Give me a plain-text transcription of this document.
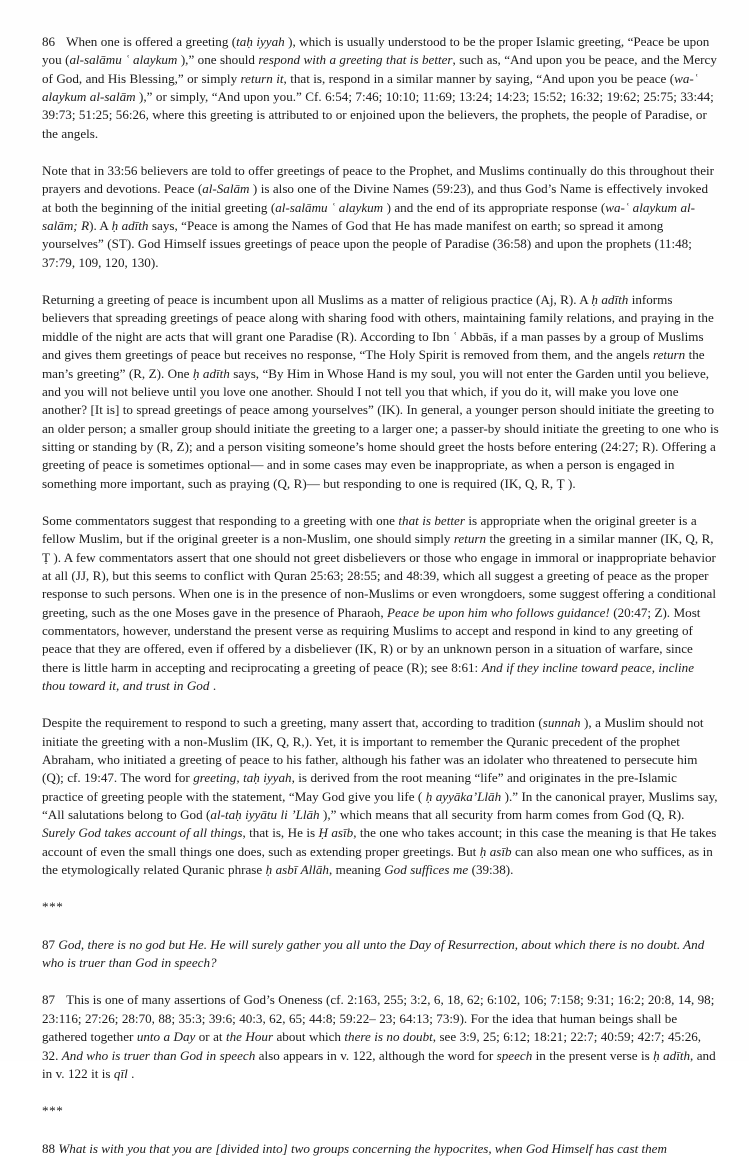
86 When one is offered a greeting (taḥ iyyah ), which is usually understood to be the proper Islamic greeting, “Peace be upon you (al-salāmu ʿ alaykum ),” one should respond with a greeting that is better, such as, “And upon you be peace, and the Mercy of God, and His Blessing,” or simply return it, that is, respond in a similar manner by saying, “And upon you be peace (wa-ʿ alaykum al-salām ),” or simply, “And upon you.” Cf. 6:54; 7:46; 10:10; 11:69; 13:24; 14:23; 15:52; 16:32; 19:62; 25:75; 33:44; 39:73; 51:25; 56:26, where this greeting is attributed to or enjoined upon the believers, the prophets, the people of Paradise, or the angels.

Note that in 33:56 believers are told to offer greetings of peace to the Prophet, and Muslims continually do this throughout their prayers and devotions. Peace (al-Salām ) is also one of the Divine Names (59:23), and thus God’s Name is effectively invoked at both the beginning of the initial greeting (al-salāmu ʿ alaykum ) and the end of its appropriate response (wa-ʿ alaykum al-salām; R). A ḥ adīth says, “Peace is among the Names of God that He has made manifest on earth; so spread it among yourselves” (ST). God Himself issues greetings of peace upon the people of Paradise (36:58) and upon the prophets (11:48; 37:79, 109, 120, 130).

Returning a greeting of peace is incumbent upon all Muslims as a matter of religious practice (Aj, R). A ḥ adīth informs believers that spreading greetings of peace along with sharing food with others, maintaining family relations, and praying in the middle of the night are acts that will grant one Paradise (R). According to Ibn ʿ Abbās, if a man passes by a group of Muslims and gives them greetings of peace but receives no response, “The Holy Spirit is removed from them, and the angels return the man’s greeting” (R, Z). One ḥ adīth says, “By Him in Whose Hand is my soul, you will not enter the Garden until you believe, and you will not believe until you love one another. Should I not tell you that which, if you do it, will make you love one another? [It is] to spread greetings of peace among yourselves” (IK). In general, a younger person should initiate the greeting to an older person; a smaller group should initiate the greeting to a larger one; a passer-by should initiate the greeting to one who is sitting or standing by (R, Z); and a person visiting someone’s home should greet the hosts before entering (24:27; R). Offering a greeting of peace is sometimes optional— and in some cases may even be inappropriate, as when a person is engaged in something more important, such as praying (Q, R)— but responding to one is required (IK, Q, R, Ṭ ).

Some commentators suggest that responding to a greeting with one that is better is appropriate when the original greeter is a fellow Muslim, but if the original greeter is a non-Muslim, one should simply return the greeting in a similar manner (IK, Q, R, Ṭ ). A few commentators assert that one should not greet disbelievers or those who engage in immoral or inappropriate behavior at all (JJ, R), but this seems to conflict with Quran 25:63; 28:55; and 48:39, which all suggest a greeting of peace as the proper response to such persons. When one is in the presence of non-Muslims or even wrongdoers, some suggest offering a conditional greeting, such as the one Moses gave in the presence of Pharaoh, Peace be upon him who follows guidance! (20:47; Z). Most commentators, however, understand the present verse as requiring Muslims to accept and respond in kind to any greeting of peace that they are offered, even if offered by a disbeliever (IK, R) or by an unknown person in a situation of warfare, since there is little harm in accepting and reciprocating a greeting of peace (R); see 8:61: And if they incline toward peace, incline thou toward it, and trust in God .

Despite the requirement to respond to such a greeting, many assert that, according to tradition (sunnah ), a Muslim should not initiate the greeting with a non-Muslim (IK, Q, R,). Yet, it is important to remember the Quranic precedent of the prophet Abraham, who initiated a greeting of peace to his father, although his father was an idolater who threatened to persecute him (Q); cf. 19:47. The word for greeting, taḥ iyyah, is derived from the root meaning “life” and originates in the pre-Islamic practice of greeting people with the statement, “May God give you life ( ḥ ayyāka’Llāh ).” In the canonical prayer, Muslims say, “All salutations belong to God (al-taḥ iyyātu li ’Llāh ),” which means that all security from harm comes from God (Q, R). Surely God takes account of all things, that is, He is Ḥ asīb, the one who takes account; in this case the meaning is that He takes account of even the small things one does, such as extending proper greetings. But ḥ asīb can also mean one who suffices, as in the etymologically related Quranic phrase ḥ asbī Allāh, meaning God suffices me (39:38).

***

87 God, there is no god but He. He will surely gather you all unto the Day of Resurrection, about which there is no doubt. And who is truer than God in speech?

87 This is one of many assertions of God’s Oneness (cf. 2:163, 255; 3:2, 6, 18, 62; 6:102, 106; 7:158; 9:31; 16:2; 20:8, 14, 98; 23:116; 27:26; 28:70, 88; 35:3; 39:6; 40:3, 62, 65; 44:8; 59:22– 23; 64:13; 73:9). For the idea that human beings shall be gathered together unto a Day or at the Hour about which there is no doubt, see 3:9, 25; 6:12; 18:21; 22:7; 40:59; 42:7; 45:26, 32. And who is truer than God in speech also appears in v. 122, although the word for speech in the present verse is ḥ adīth, and in v. 122 it is qīl .

***

88 What is with you that you are [divided into] two groups concerning the hypocrites, when God Himself has cast them
